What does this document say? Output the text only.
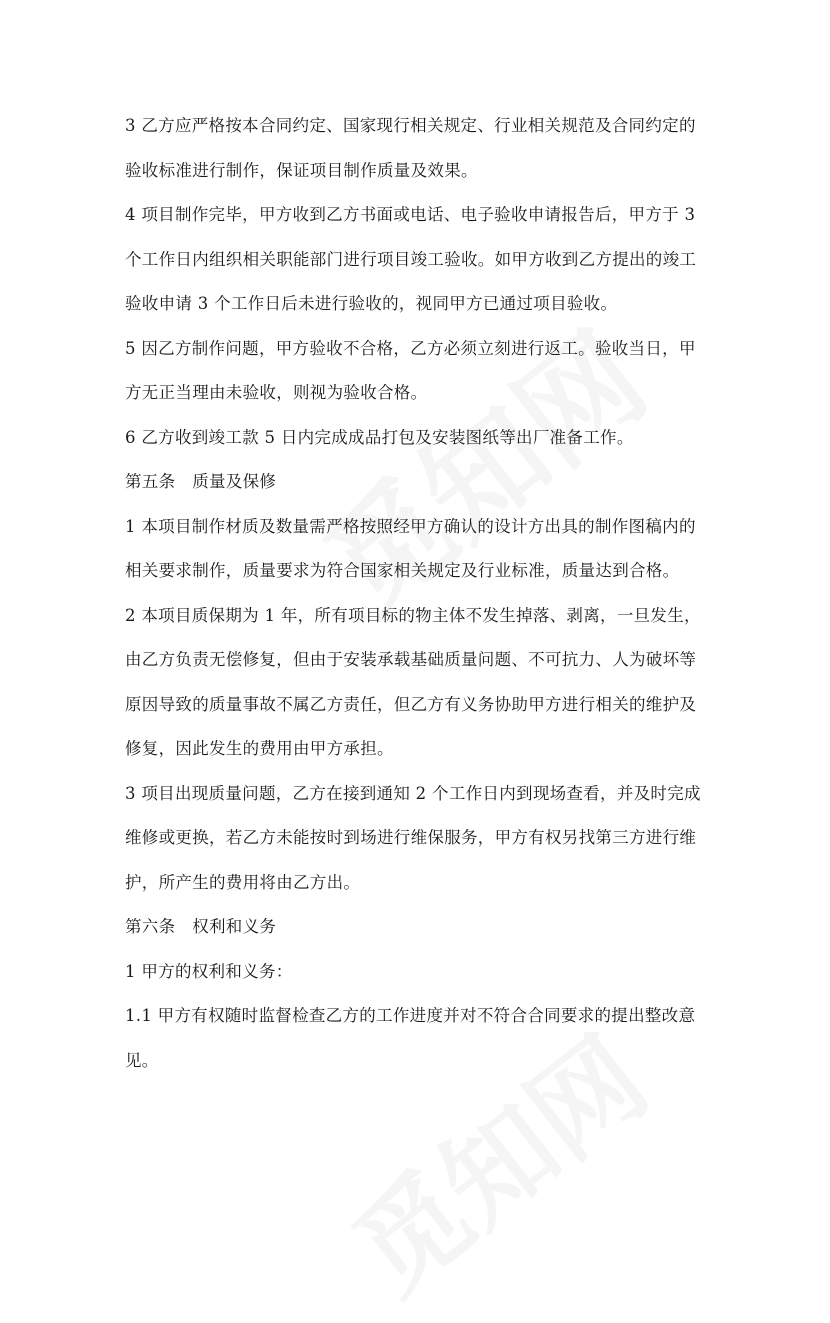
3 乙方应严格按本合同约定、国家现行相关规定、行业相关规范及合同约定的
验收标准进行制作，保证项目制作质量及效果。
4 项目制作完毕，甲方收到乙方书面或电话、电子验收申请报告后，甲方于 3
个工作日内组织相关职能部门进行项目竣工验收。如甲方收到乙方提出的竣工
验收申请 3 个工作日后未进行验收的，视同甲方已通过项目验收。
5 因乙方制作问题，甲方验收不合格，乙方必须立刻进行返工。验收当日，甲
方无正当理由未验收，则视为验收合格。
6 乙方收到竣工款 5 日内完成成品打包及安装图纸等出厂准备工作。
第五条　质量及保修
1 本项目制作材质及数量需严格按照经甲方确认的设计方出具的制作图稿内的
相关要求制作，质量要求为符合国家相关规定及行业标准，质量达到合格。
2 本项目质保期为 1 年，所有项目标的物主体不发生掉落、剥离，一旦发生，
由乙方负责无偿修复，但由于安装承载基础质量问题、不可抗力、人为破坏等
原因导致的质量事故不属乙方责任，但乙方有义务协助甲方进行相关的维护及
修复，因此发生的费用由甲方承担。
3 项目出现质量问题，乙方在接到通知 2 个工作日内到现场查看，并及时完成
维修或更换，若乙方未能按时到场进行维保服务，甲方有权另找第三方进行维
护，所产生的费用将由乙方出。
第六条　权利和义务
1 甲方的权利和义务：
1.1 甲方有权随时监督检查乙方的工作进度并对不符合合同要求的提出整改意
见。
